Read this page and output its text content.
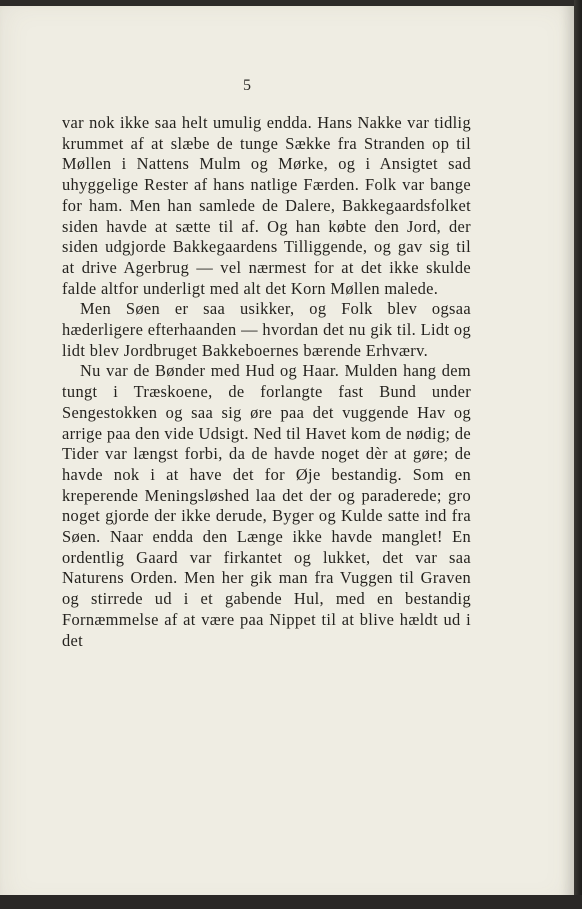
5

var nok ikke saa helt umulig endda. Hans Nakke var tidlig krummet af at slæbe de tunge Sække fra Stranden op til Møllen i Nattens Mulm og Mørke, og i Ansigtet sad uhyggelige Rester af hans natlige Færden. Folk var bange for ham. Men han samlede de Dalere, Bakkegaardsfolket siden havde at sætte til af. Og han købte den Jord, der siden udgjorde Bakkegaardens Tilliggende, og gav sig til at drive Agerbrug — vel nærmest for at det ikke skulde falde altfor underligt med alt det Korn Møllen malede.

Men Søen er saa usikker, og Folk blev ogsaa hæderligere efterhaanden — hvordan det nu gik til. Lidt og lidt blev Jordbruget Bakkeboernes bærende Erhværv.

Nu var de Bønder med Hud og Haar. Mulden hang dem tungt i Træskoene, de forlangte fast Bund under Sengestokken og saa sig øre paa det vuggende Hav og arrige paa den vide Udsigt. Ned til Havet kom de nødig; de Tider var længst forbi, da de havde noget dèr at gøre; de havde nok i at have det for Øje bestandig. Som en kreperende Meningsløshed laa det der og paraderede; gro noget gjorde der ikke derude, Byger og Kulde satte ind fra Søen. Naar endda den Længe ikke havde manglet! En ordentlig Gaard var firkantet og lukket, det var saa Naturens Orden. Men her gik man fra Vuggen til Graven og stirrede ud i et gabende Hul, med en bestandig Fornæmmelse af at være paa Nippet til at blive hældt ud i det
